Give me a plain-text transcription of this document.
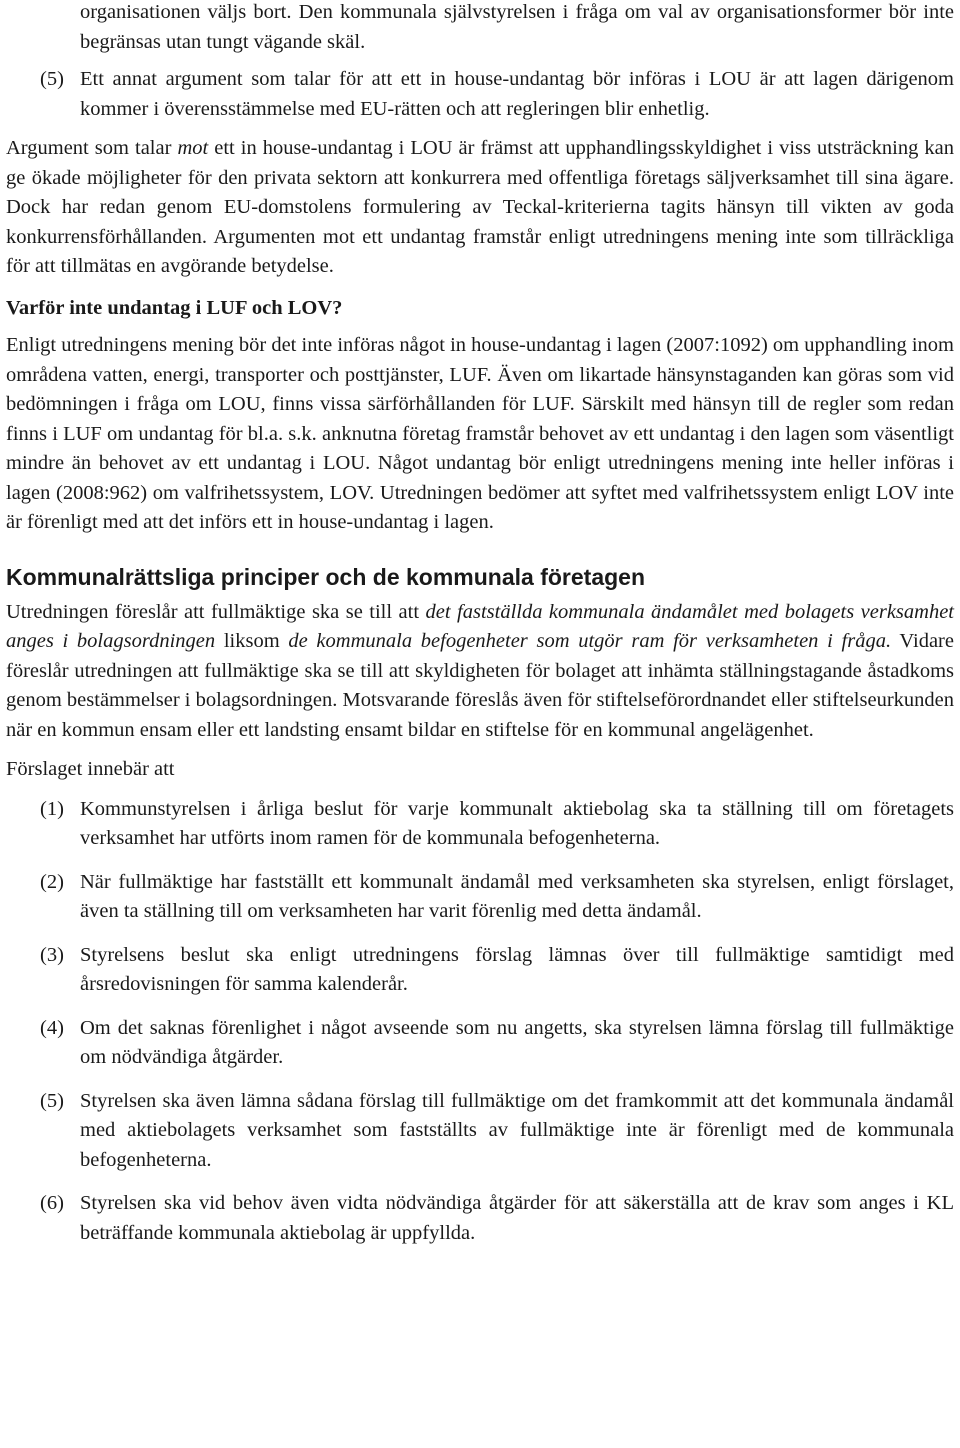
organisationen väljs bort. Den kommunala självstyrelsen i fråga om val av organisationsformer bör inte begränsas utan tungt vägande skäl.

(5) Ett annat argument som talar för att ett in house-undantag bör införas i LOU är att lagen därigenom kommer i överensstämmelse med EU-rätten och att regleringen blir enhetlig.

Argument som talar mot ett in house-undantag i LOU är främst att upphandlingsskyldighet i viss utsträckning kan ge ökade möjligheter för den privata sektorn att konkurrera med offentliga företags säljverksamhet till sina ägare. Dock har redan genom EU-domstolens formulering av Teckal-kriterierna tagits hänsyn till vikten av goda konkurrensförhållanden. Argumenten mot ett undantag framstår enligt utredningens mening inte som tillräckliga för att tillmätas en avgörande betydelse.

Varför inte undantag i LUF och LOV?

Enligt utredningens mening bör det inte införas något in house-undantag i lagen (2007:1092) om upphandling inom områdena vatten, energi, transporter och posttjänster, LUF. Även om likartade hänsynstaganden kan göras som vid bedömningen i fråga om LOU, finns vissa särförhållanden för LUF. Särskilt med hänsyn till de regler som redan finns i LUF om undantag för bl.a. s.k. anknutna företag framstår behovet av ett undantag i den lagen som väsentligt mindre än behovet av ett undantag i LOU. Något undantag bör enligt utredningens mening inte heller införas i lagen (2008:962) om valfrihetssystem, LOV. Utredningen bedömer att syftet med valfrihetssystem enligt LOV inte är förenligt med att det införs ett in house-undantag i lagen.

Kommunalrättsliga principer och de kommunala företagen

Utredningen föreslår att fullmäktige ska se till att det fastställda kommunala ändamålet med bolagets verksamhet anges i bolagsordningen liksom de kommunala befogenheter som utgör ram för verksamheten i fråga. Vidare föreslår utredningen att fullmäktige ska se till att skyldigheten för bolaget att inhämta ställningstagande åstadkoms genom bestämmelser i bolagsordningen. Motsvarande föreslås även för stiftelseförordnandet eller stiftelseurkunden när en kommun ensam eller ett landsting ensamt bildar en stiftelse för en kommunal angelägenhet.

Förslaget innebär att

(1) Kommunstyrelsen i årliga beslut för varje kommunalt aktiebolag ska ta ställning till om företagets verksamhet har utförts inom ramen för de kommunala befogenheterna.
(2) När fullmäktige har fastställt ett kommunalt ändamål med verksamheten ska styrelsen, enligt förslaget, även ta ställning till om verksamheten har varit förenlig med detta ändamål.
(3) Styrelsens beslut ska enligt utredningens förslag lämnas över till fullmäktige samtidigt med årsredovisningen för samma kalenderår.
(4) Om det saknas förenlighet i något avseende som nu angetts, ska styrelsen lämna förslag till fullmäktige om nödvändiga åtgärder.
(5) Styrelsen ska även lämna sådana förslag till fullmäktige om det framkommit att det kommunala ändamål med aktiebolagets verksamhet som fastställts av fullmäktige inte är förenligt med de kommunala befogenheterna.
(6) Styrelsen ska vid behov även vidta nödvändiga åtgärder för att säkerställa att de krav som anges i KL beträffande kommunala aktiebolag är uppfyllda.
